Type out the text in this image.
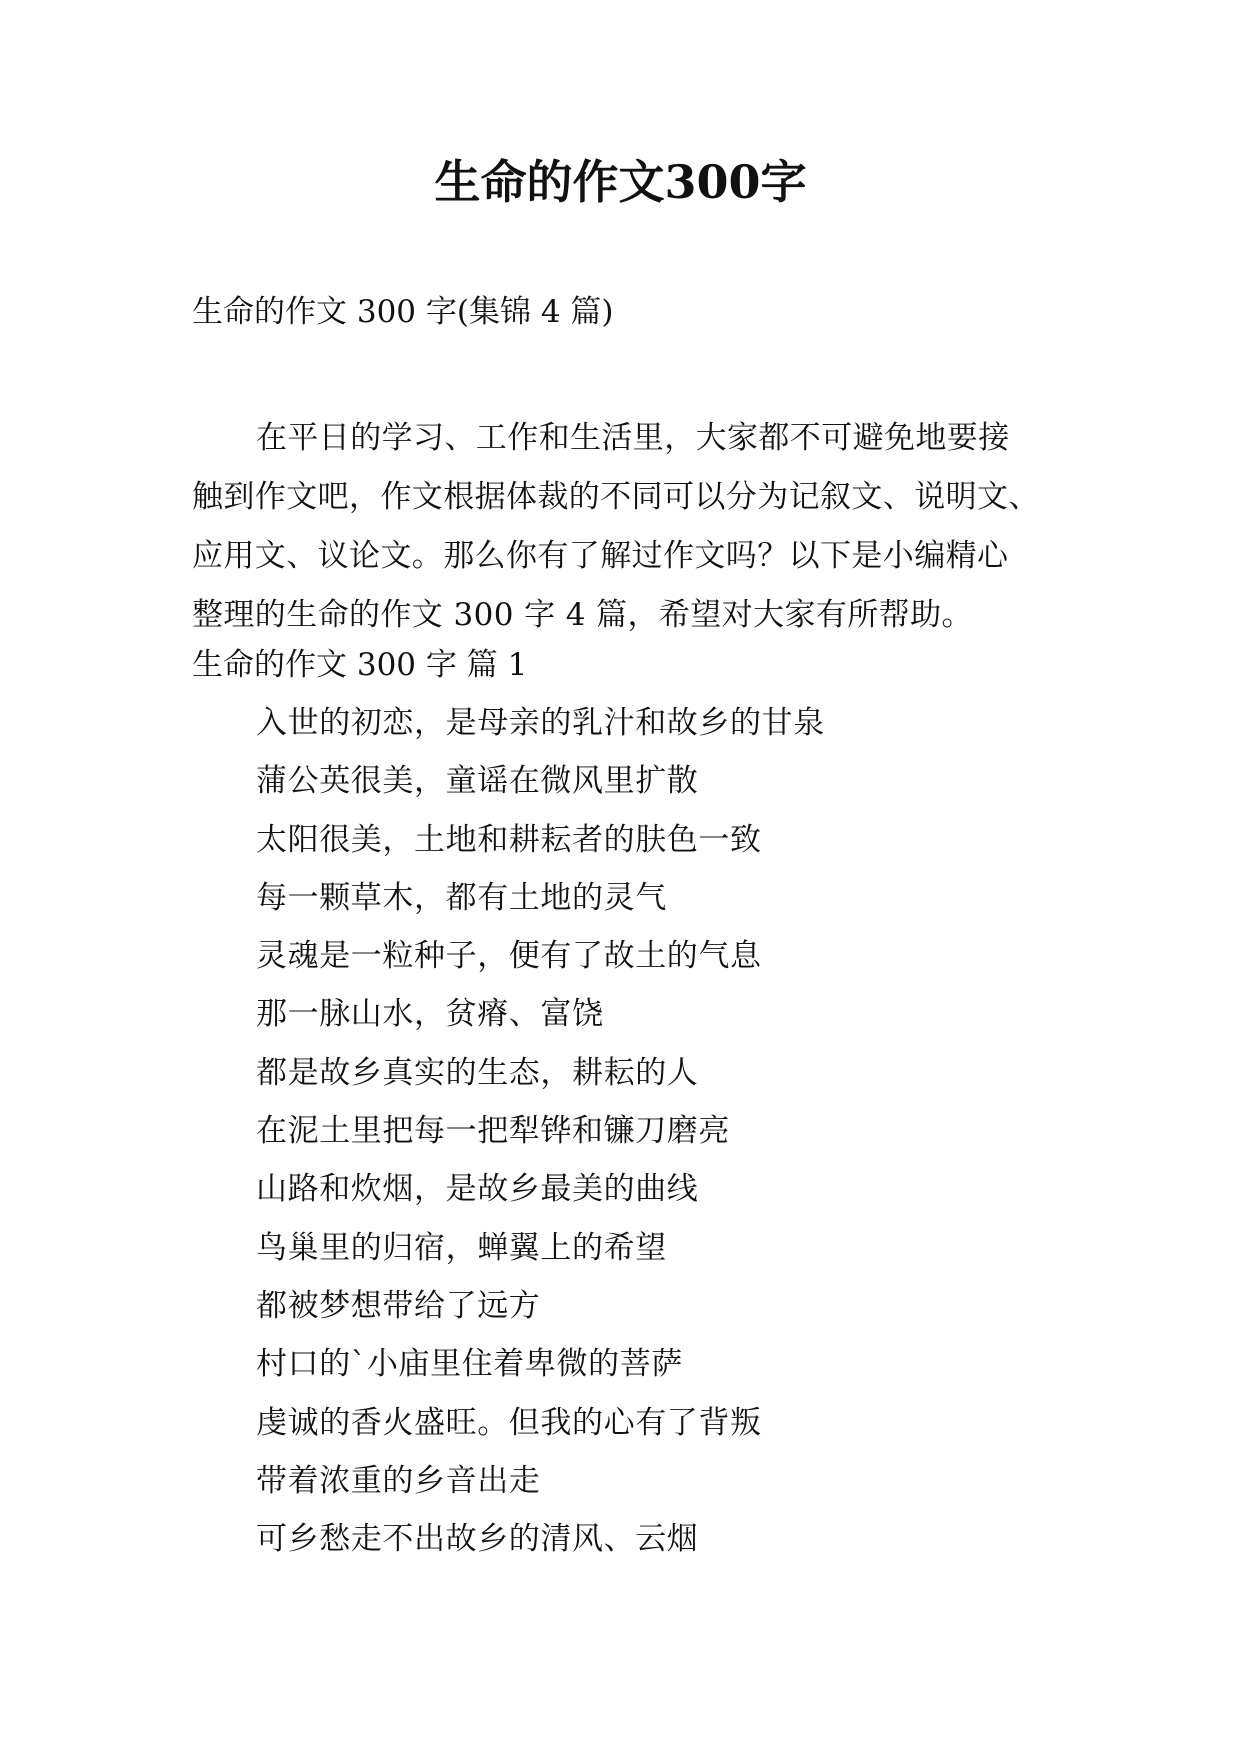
生命的作文300字

生命的作文 300 字(集锦 4 篇)

在平日的学习、工作和生活里，大家都不可避免地要接
触到作文吧，作文根据体裁的不同可以分为记叙文、说明文、
应用文、议论文。那么你有了解过作文吗？以下是小编精心
整理的生命的作文 300 字 4 篇，希望对大家有所帮助。

生命的作文 300 字 篇 1

入世的初恋，是母亲的乳汁和故乡的甘泉
蒲公英很美，童谣在微风里扩散
太阳很美，土地和耕耘者的肤色一致
每一颗草木，都有土地的灵气
灵魂是一粒种子，便有了故土的气息
那一脉山水，贫瘠、富饶
都是故乡真实的生态，耕耘的人
在泥土里把每一把犁铧和镰刀磨亮
山路和炊烟，是故乡最美的曲线
鸟巢里的归宿，蝉翼上的希望
都被梦想带给了远方
村口的`小庙里住着卑微的菩萨
虔诚的香火盛旺。但我的心有了背叛
带着浓重的乡音出走
可乡愁走不出故乡的清风、云烟
